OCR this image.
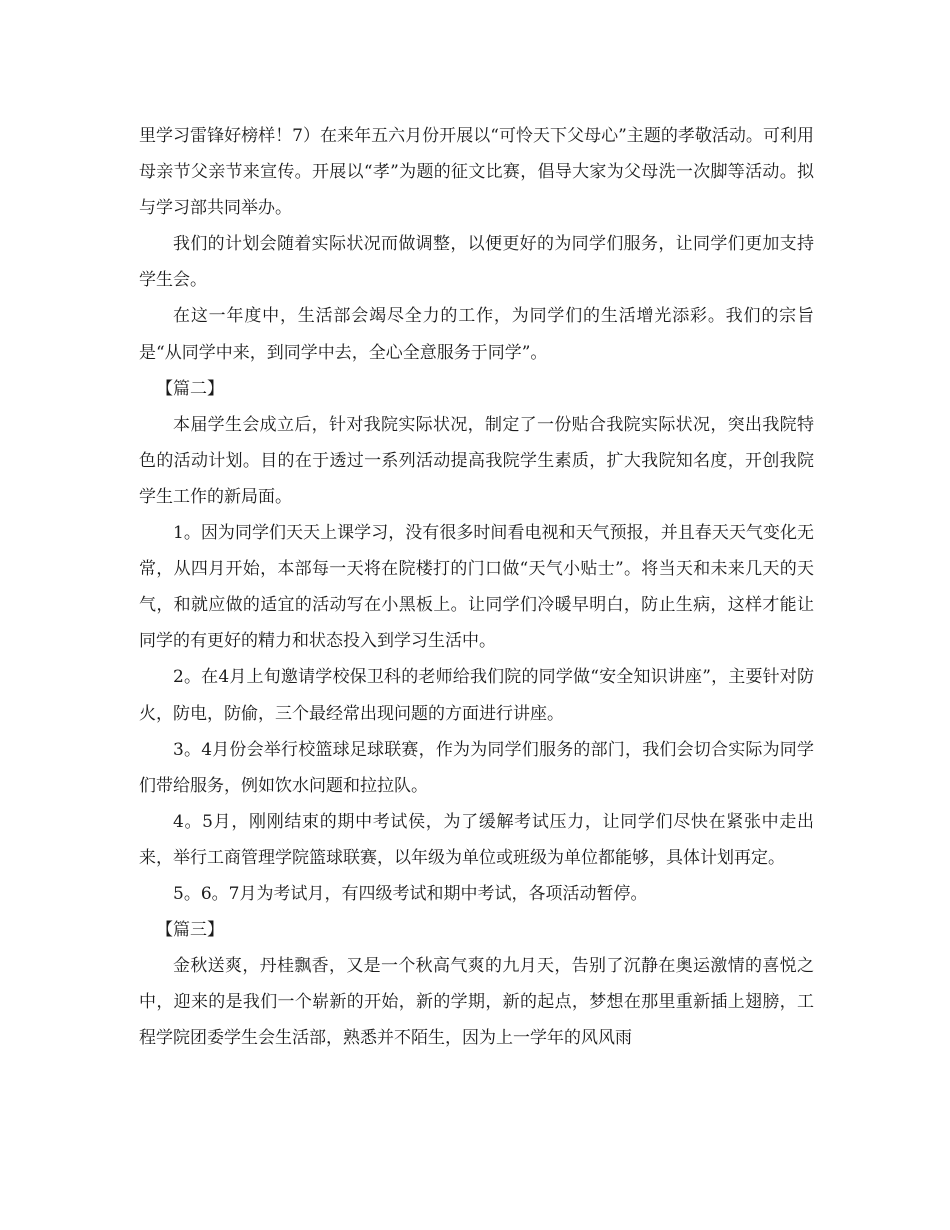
里学习雷锋好榜样！7）在来年五六月份开展以“可怜天下父母心”主题的孝敬活动。可利用母亲节父亲节来宣传。开展以“孝”为题的征文比赛，倡导大家为父母洗一次脚等活动。拟与学习部共同举办。

我们的计划会随着实际状况而做调整，以便更好的为同学们服务，让同学们更加支持学生会。

在这一年度中，生活部会竭尽全力的工作，为同学们的生活增光添彩。我们的宗旨是“从同学中来，到同学中去，全心全意服务于同学”。

【篇二】

本届学生会成立后，针对我院实际状况，制定了一份贴合我院实际状况，突出我院特色的活动计划。目的在于透过一系列活动提高我院学生素质，扩大我院知名度，开创我院学生工作的新局面。

1。因为同学们天天上课学习，没有很多时间看电视和天气预报，并且春天天气变化无常，从四月开始，本部每一天将在院楼打的门口做“天气小贴士”。将当天和未来几天的天气，和就应做的适宜的活动写在小黑板上。让同学们冷暖早明白，防止生病，这样才能让同学的有更好的精力和状态投入到学习生活中。

2。在4月上旬邀请学校保卫科的老师给我们院的同学做“安全知识讲座”，主要针对防火，防电，防偷，三个最经常出现问题的方面进行讲座。

3。4月份会举行校篮球足球联赛，作为为同学们服务的部门，我们会切合实际为同学们带给服务，例如饮水问题和拉拉队。

4。5月，刚刚结束的期中考试侯，为了缓解考试压力，让同学们尽快在紧张中走出来，举行工商管理学院篮球联赛，以年级为单位或班级为单位都能够，具体计划再定。

5。6。7月为考试月，有四级考试和期中考试，各项活动暂停。

【篇三】

金秋送爽，丹桂飘香，又是一个秋高气爽的九月天，告别了沉静在奥运激情的喜悦之中，迎来的是我们一个崭新的开始，新的学期，新的起点，梦想在那里重新插上翅膀，工程学院团委学生会生活部，熟悉并不陌生，因为上一学年的风风雨
